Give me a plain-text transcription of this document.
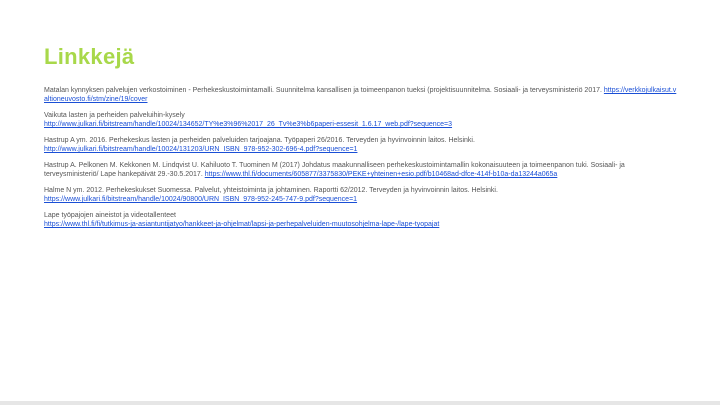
Linkkejä
Matalan kynnyksen palvelujen verkostoiminen - Perhekeskustoimintamalli. Suunnitelma kansallisen ja toimeenpanon tueksi (projektisuunnitelma. Sosiaali- ja terveysministeriö 2017. https://verkkojulkaisut.valtioneuvosto.fi/stm/zine/19/cover

Vaikuta lasten ja perheiden palveluihin-kysely

http://www.julkari.fi/bitstream/handle/10024/134652/TY%e3%96%2017_26_Tv%e3%b6paperi-essesit_1.6.17_web.pdf?sequence=3

Hastrup A ym. 2016. Perhekeskus lasten ja perheiden palveluiden tarjoajana. Työpaperi 26/2016. Terveyden ja hyvinvoinnin laitos. Helsinki.

http://www.julkari.fi/bitstream/handle/10024/131203/URN_ISBN_978-952-302-696-4.pdf?sequence=1

Hastrup A. Pelkonen M. Kekkonen M. Lindqvist U. Kahiluoto T. Tuominen M (2017) Johdatus maakunnalliseen perhekeskustoimintamallin kokonaisuuteen ja toimeenpanon tuki. Sosiaali- ja terveysministeriö/ Lape hankepäivät 29.-30.5.2017. https://www.thl.fi/documents/605877/3375830/PEKE+yhteinen+esio.pdf/b10468ad-dfce-414f-b10a-da13244a065a

Halme N ym. 2012. Perhekeskukset Suomessa. Palvelut, yhteistoiminta ja johtaminen. Raportti 62/2012. Terveyden ja hyvinvoinnin laitos. Helsinki.

https://www.julkari.fi/bitstream/handle/10024/90800/URN_ISBN_978-952-245-747-9.pdf?sequence=1

Lape työpajojen aineistot ja videotallenteet

https://www.thl.fi/fi/tutkimus-ja-asiantuntijatyo/hankkeet-ja-ohjelmat/lapsi-ja-perhepalveluiden-muutosohjelma-lape-/lape-tyopajat
